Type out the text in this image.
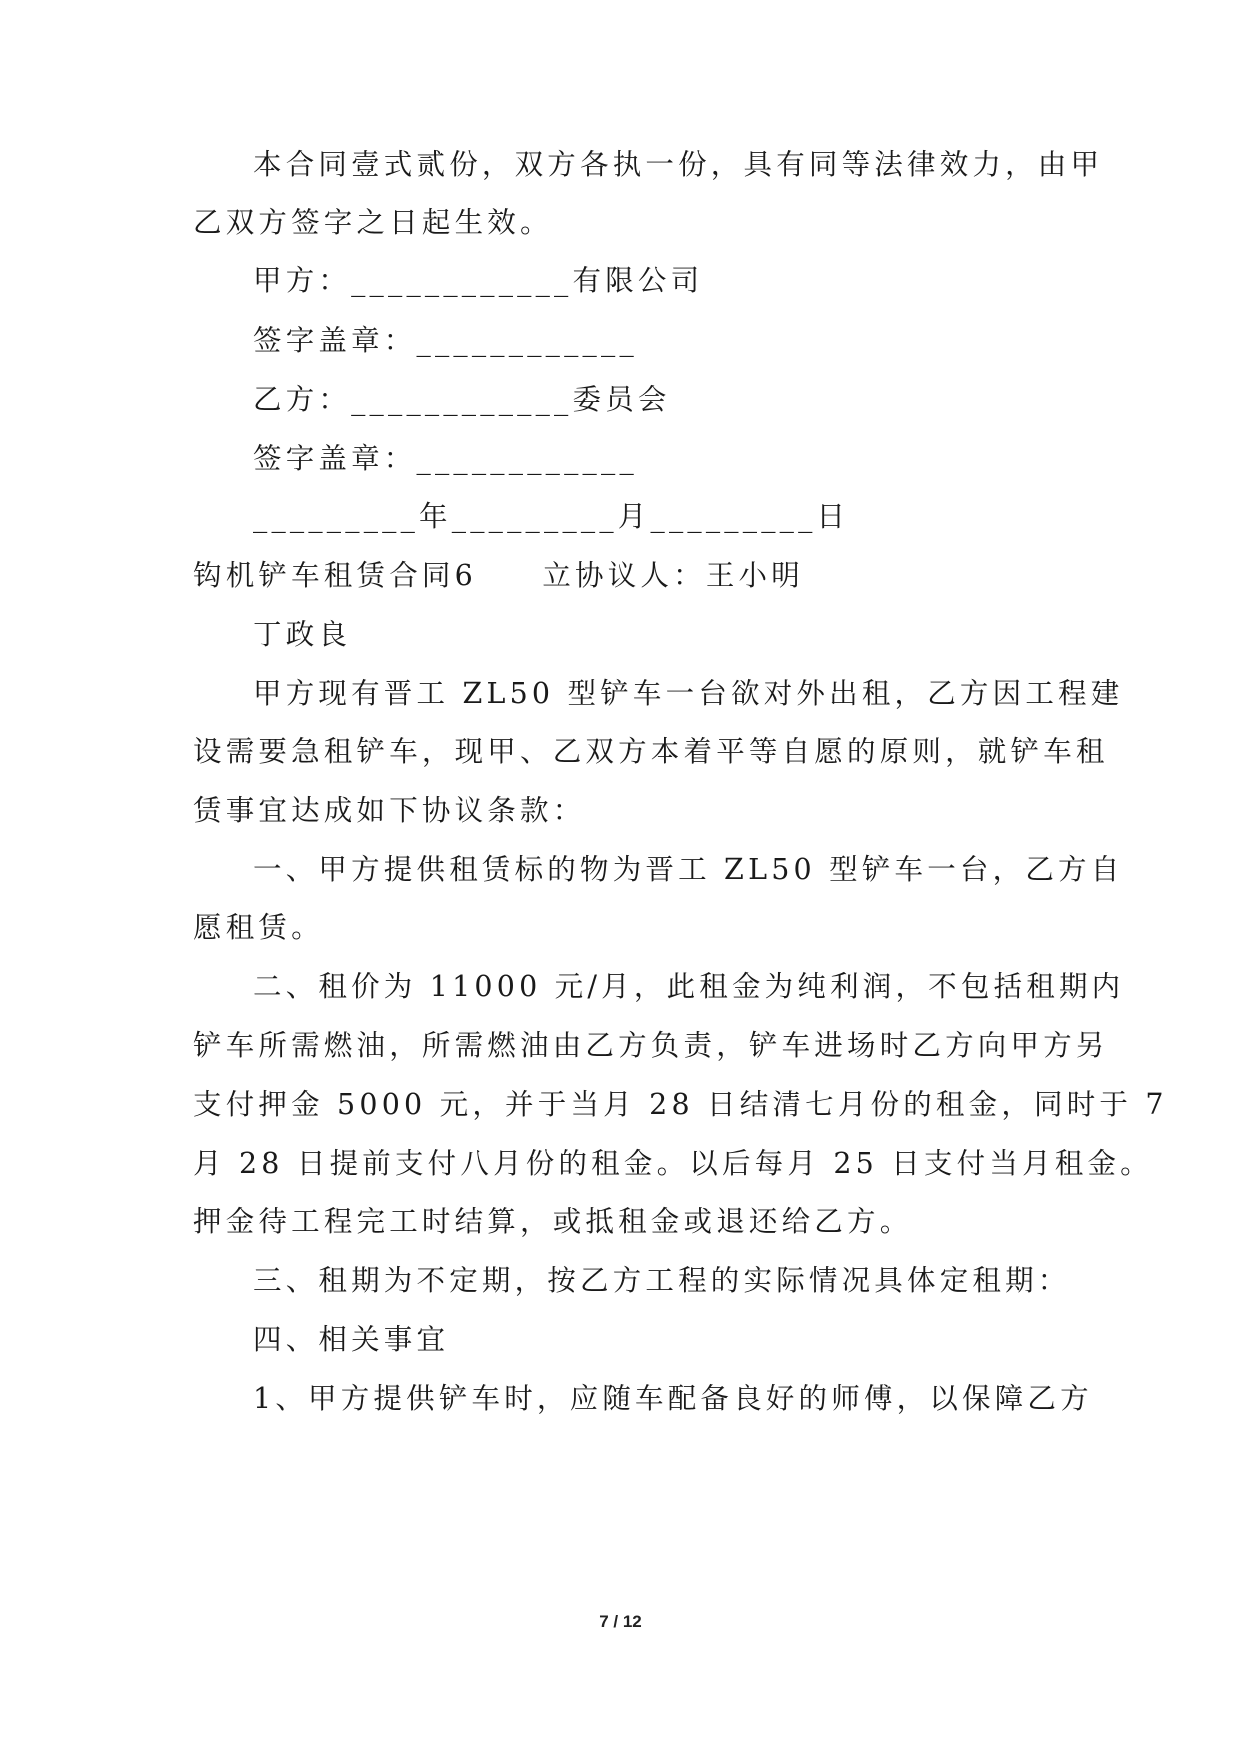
本合同壹式贰份，双方各执一份，具有同等法律效力，由甲
乙双方签字之日起生效。
甲方：____________有限公司
签字盖章：____________
乙方：____________委员会
签字盖章：____________
_________年_________月_________日
钩机铲车租赁合同6　　立协议人：王小明
丁政良
甲方现有晋工 ZL50 型铲车一台欲对外出租，乙方因工程建
设需要急租铲车，现甲、乙双方本着平等自愿的原则，就铲车租
赁事宜达成如下协议条款：
一、甲方提供租赁标的物为晋工 ZL50 型铲车一台，乙方自
愿租赁。
二、租价为 11000 元/月，此租金为纯利润，不包括租期内
铲车所需燃油，所需燃油由乙方负责，铲车进场时乙方向甲方另
支付押金 5000 元，并于当月 28 日结清七月份的租金，同时于 7
月 28 日提前支付八月份的租金。以后每月 25 日支付当月租金。
押金待工程完工时结算，或抵租金或退还给乙方。
三、租期为不定期，按乙方工程的实际情况具体定租期：
四、相关事宜
1、甲方提供铲车时，应随车配备良好的师傅，以保障乙方
7 / 12
